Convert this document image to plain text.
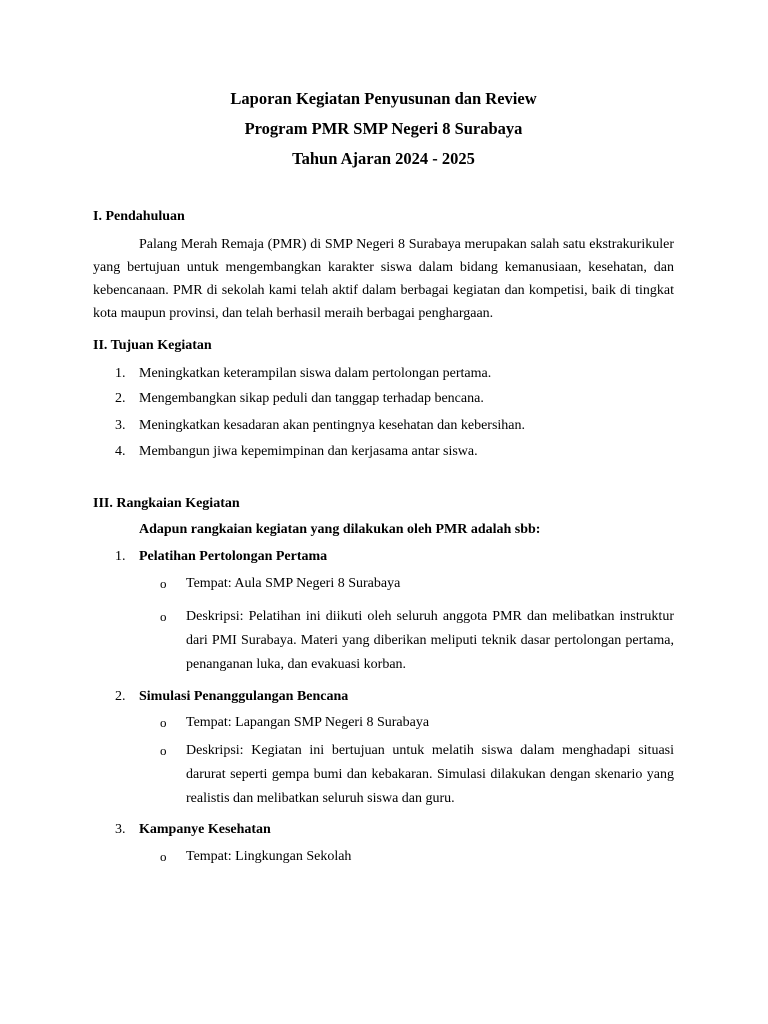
Laporan Kegiatan Penyusunan dan Review
Program PMR SMP Negeri 8 Surabaya
Tahun Ajaran 2024 - 2025
I. Pendahuluan
Palang Merah Remaja (PMR) di SMP Negeri 8 Surabaya merupakan salah satu ekstrakurikuler yang bertujuan untuk mengembangkan karakter siswa dalam bidang kemanusiaan, kesehatan, dan kebencanaan. PMR di sekolah kami telah aktif dalam berbagai kegiatan dan kompetisi, baik di tingkat kota maupun provinsi, dan telah berhasil meraih berbagai penghargaan.
II. Tujuan Kegiatan
1. Meningkatkan keterampilan siswa dalam pertolongan pertama.
2. Mengembangkan sikap peduli dan tanggap terhadap bencana.
3. Meningkatkan kesadaran akan pentingnya kesehatan dan kebersihan.
4. Membangun jiwa kepemimpinan dan kerjasama antar siswa.
III. Rangkaian Kegiatan
Adapun rangkaian kegiatan yang dilakukan oleh PMR adalah sbb:
1. Pelatihan Pertolongan Pertama
o	Tempat: Aula SMP Negeri 8 Surabaya
o	Deskripsi: Pelatihan ini diikuti oleh seluruh anggota PMR dan melibatkan instruktur dari PMI Surabaya. Materi yang diberikan meliputi teknik dasar pertolongan pertama, penanganan luka, dan evakuasi korban.
2. Simulasi Penanggulangan Bencana
o	Tempat: Lapangan SMP Negeri 8 Surabaya
o	Deskripsi: Kegiatan ini bertujuan untuk melatih siswa dalam menghadapi situasi darurat seperti gempa bumi dan kebakaran. Simulasi dilakukan dengan skenario yang realistis dan melibatkan seluruh siswa dan guru.
3. Kampanye Kesehatan
o	Tempat: Lingkungan Sekolah
